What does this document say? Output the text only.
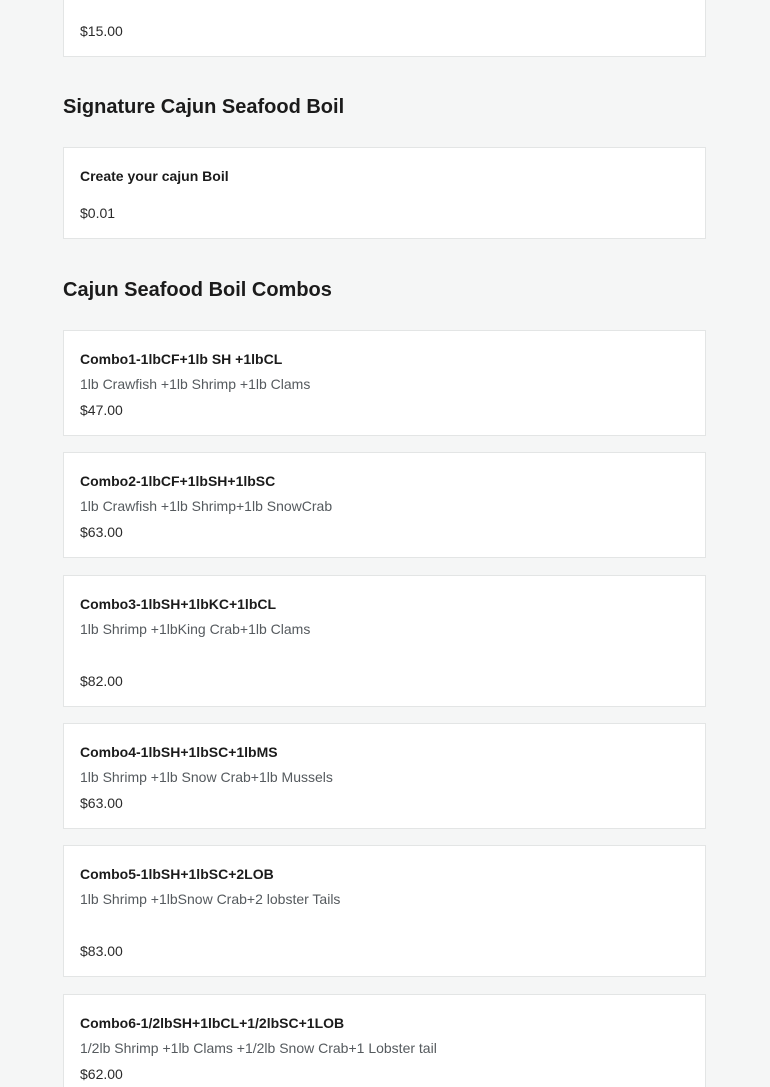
$15.00
Signature Cajun Seafood Boil
Create your cajun Boil
$0.01
Cajun Seafood Boil Combos
Combo1-1lbCF+1lb SH +1lbCL
1lb Crawfish +1lb Shrimp +1lb Clams
$47.00
Combo2-1lbCF+1lbSH+1lbSC
1lb Crawfish +1lb Shrimp+1lb SnowCrab
$63.00
Combo3-1lbSH+1lbKC+1lbCL
1lb Shrimp +1lbKing Crab+1lb Clams
$82.00
Combo4-1lbSH+1lbSC+1lbMS
1lb Shrimp +1lb Snow Crab+1lb Mussels
$63.00
Combo5-1lbSH+1lbSC+2LOB
1lb Shrimp +1lbSnow Crab+2 lobster Tails
$83.00
Combo6-1/2lbSH+1lbCL+1/2lbSC+1LOB
1/2lb Shrimp +1lb Clams +1/2lb Snow Crab+1 Lobster tail
$62.00
